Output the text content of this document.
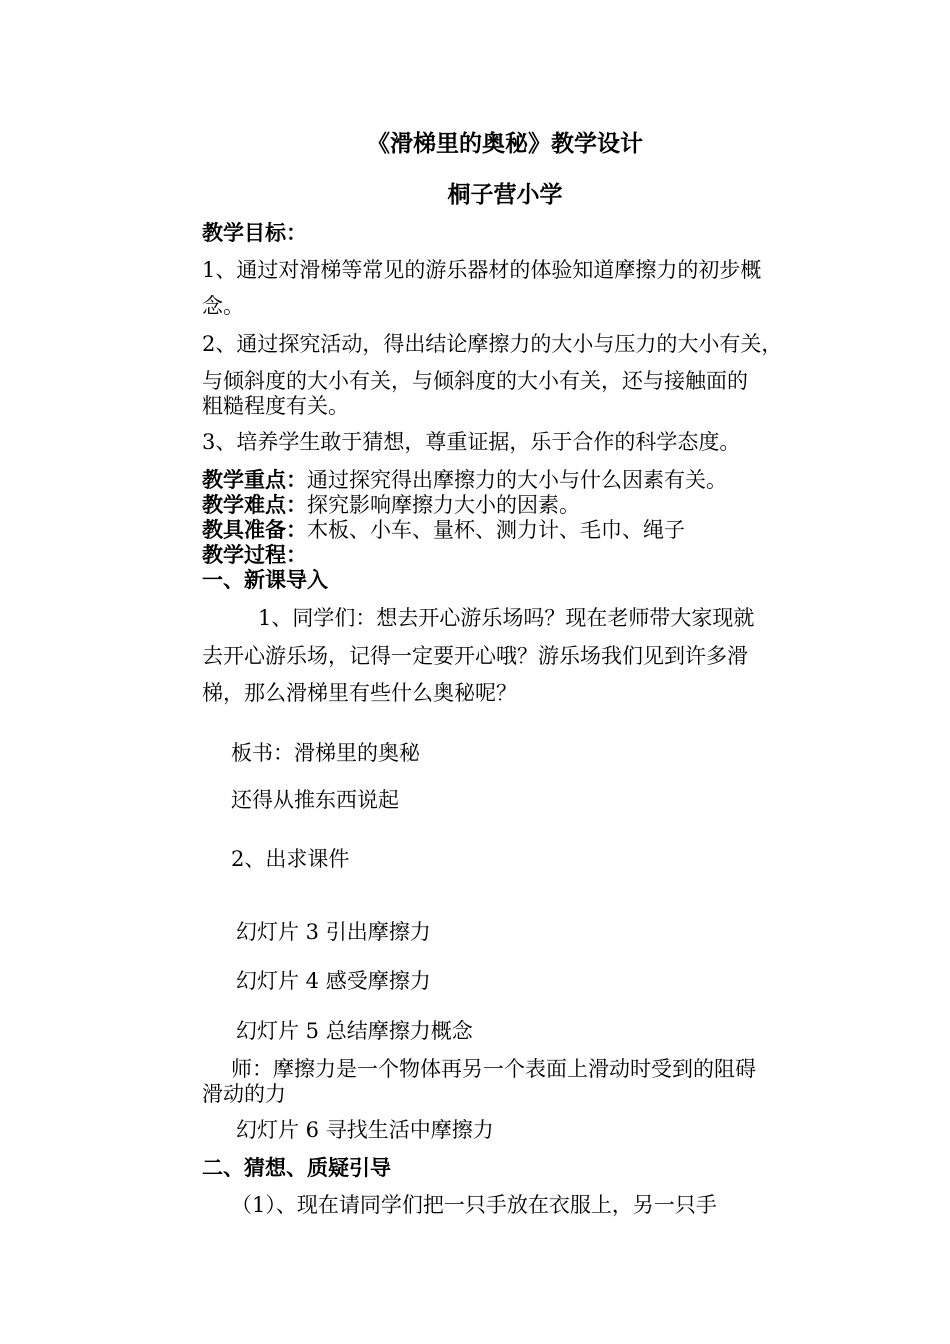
《滑梯里的奥秘》教学设计
桐子营小学
教学目标：
1、通过对滑梯等常见的游乐器材的体验知道摩擦力的初步概
念。
2、通过探究活动，得出结论摩擦力的大小与压力的大小有关，
与倾斜度的大小有关，与倾斜度的大小有关，还与接触面的
粗糙程度有关。
3、培养学生敢于猜想，尊重证据，乐于合作的科学态度。
教学重点：通过探究得出摩擦力的大小与什么因素有关。
教学难点：探究影响摩擦力大小的因素。
教具准备：木板、小车、量杯、测力计、毛巾、绳子
教学过程：
一、新课导入
1、同学们：想去开心游乐场吗？现在老师带大家现就
去开心游乐场，记得一定要开心哦？游乐场我们见到许多滑
梯，那么滑梯里有些什么奥秘呢？
板书：滑梯里的奥秘
还得从推东西说起
2、出求课件
幻灯片 3 引出摩擦力
幻灯片 4 感受摩擦力
幻灯片 5 总结摩擦力概念
师：摩擦力是一个物体再另一个表面上滑动时受到的阻碍
滑动的力
幻灯片 6 寻找生活中摩擦力
二、猜想、质疑引导
（1）、现在请同学们把一只手放在衣服上，另一只手
